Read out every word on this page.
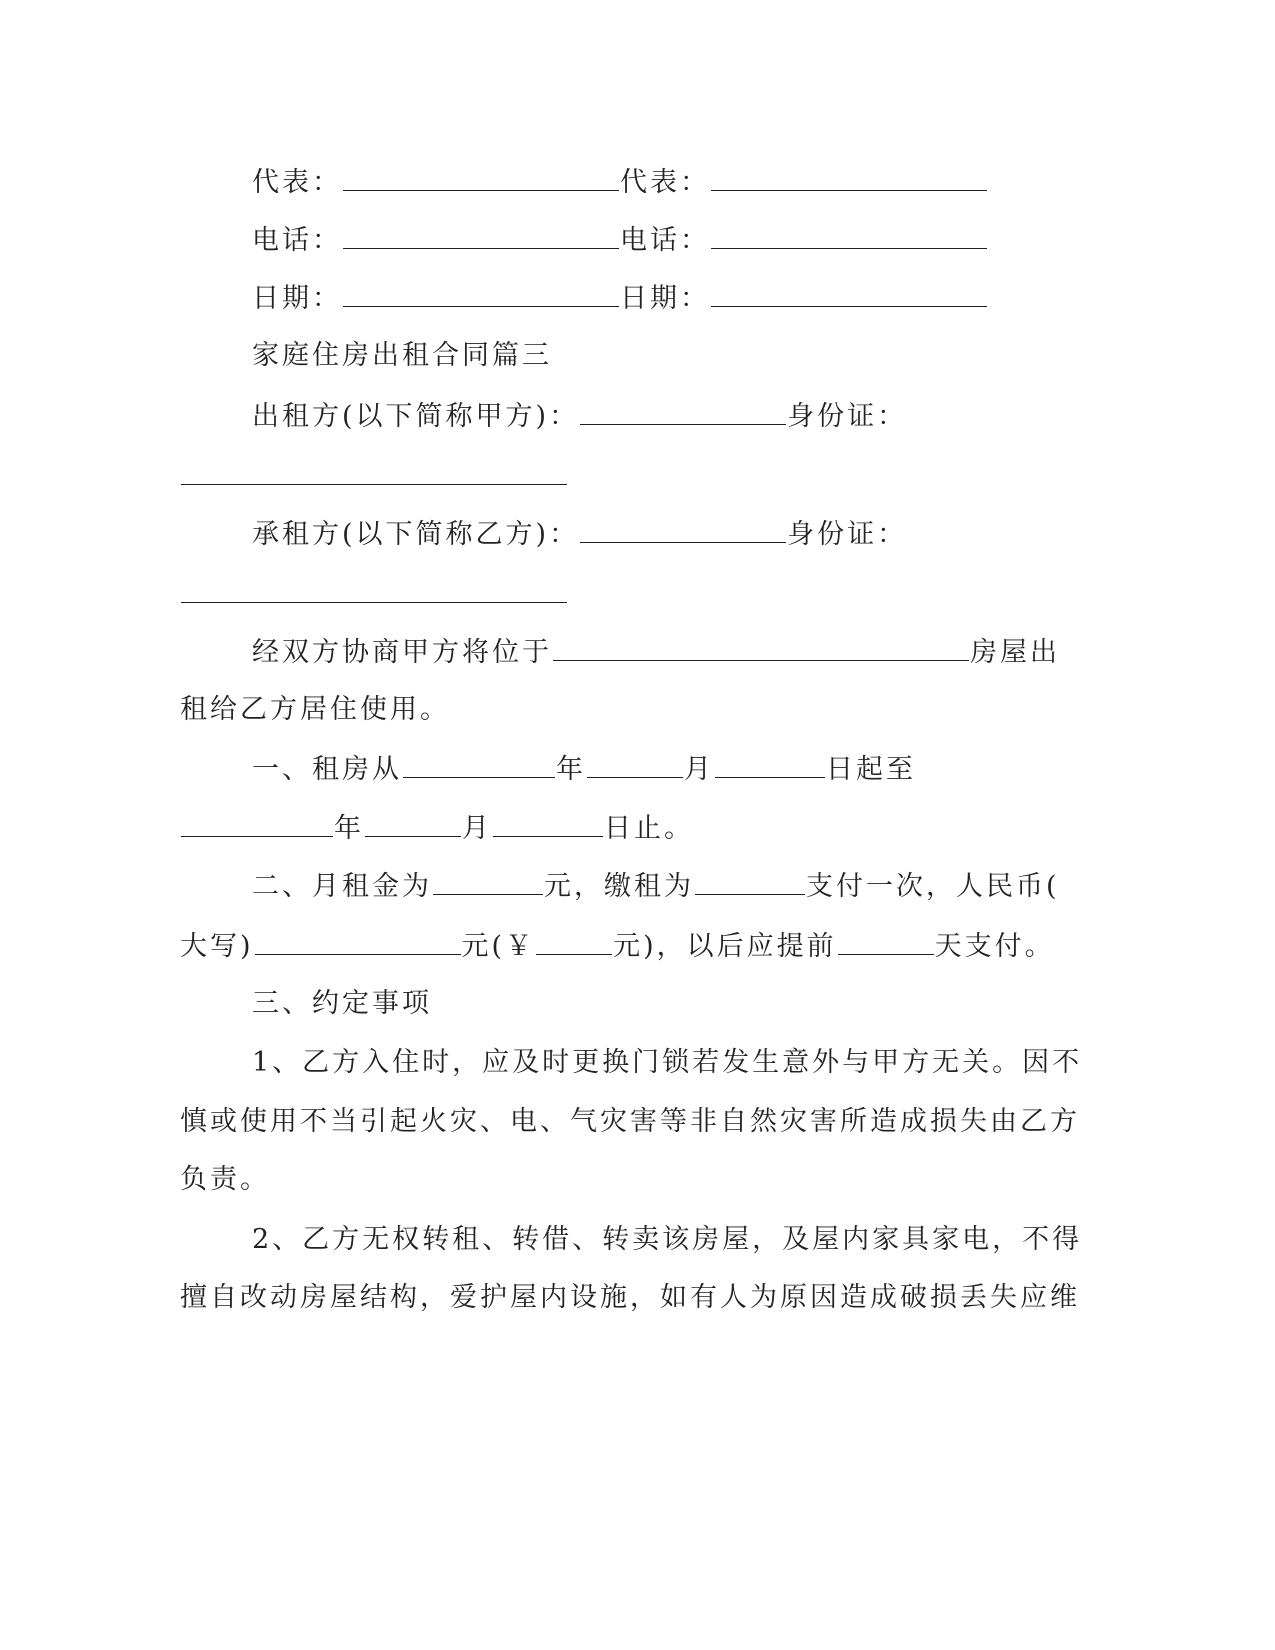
代表：	代表：
电话：	电话：
日期：	日期：
家庭住房出租合同篇三
出租方(以下简称甲方)：	身份证：
承租方(以下简称乙方)：	身份证：
经双方协商甲方将位于	房屋出
租给乙方居住使用。
一、租房从	年	月	日起至
年	月	日止。
二、月租金为	元，缴租为	支付一次，人民币(
大写)	元(￥	元)，以后应提前	天支付。
三、约定事项
1、乙方入住时，应及时更换门锁若发生意外与甲方无关。因不
慎或使用不当引起火灾、电、气灾害等非自然灾害所造成损失由乙方
负责。
2、乙方无权转租、转借、转卖该房屋，及屋内家具家电，不得
擅自改动房屋结构，爱护屋内设施，如有人为原因造成破损丢失应维
